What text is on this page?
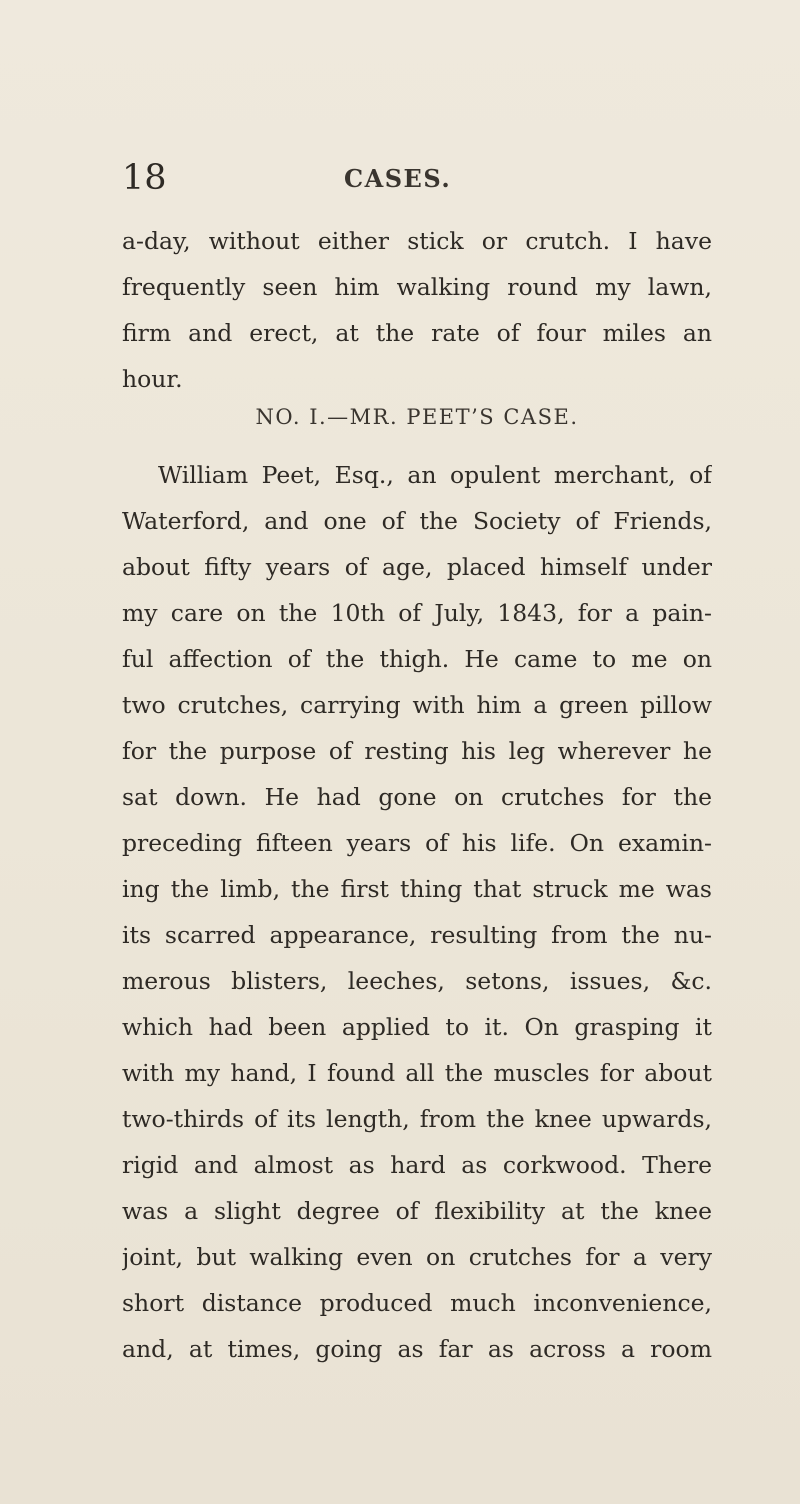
18	CASES.
a-day, without either stick or crutch. I have
frequently seen him walking round my lawn,
firm and erect, at the rate of four miles an
hour.
NO. I.—MR. PEET’S CASE.
William Peet, Esq., an opulent merchant, of
Waterford, and one of the Society of Friends,
about fifty years of age, placed himself under
my care on the 10th of July, 1843, for a pain-
ful affection of the thigh. He came to me on
two crutches, carrying with him a green pillow
for the purpose of resting his leg wherever he
sat down. He had gone on crutches for the
preceding fifteen years of his life. On examin-
ing the limb, the first thing that struck me was
its scarred appearance, resulting from the nu-
merous blisters, leeches, setons, issues, &c.
which had been applied to it. On grasping it
with my hand, I found all the muscles for about
two-thirds of its length, from the knee upwards,
rigid and almost as hard as corkwood. There
was a slight degree of flexibility at the knee
joint, but walking even on crutches for a very
short distance produced much inconvenience,
and, at times, going as far as across a room
